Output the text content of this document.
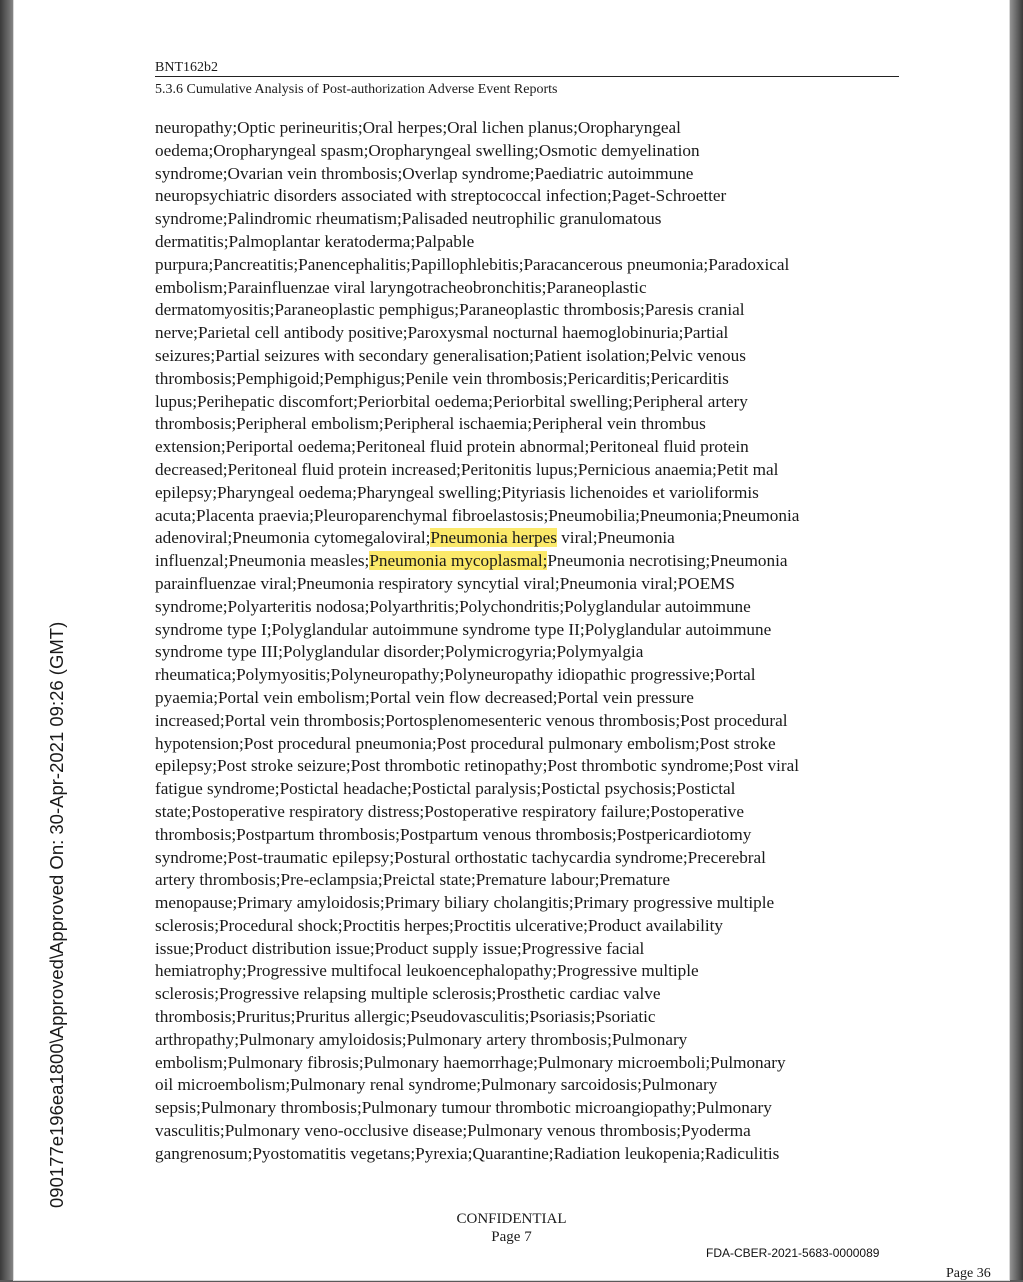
090177e196ea1800\Approved\Approved On: 30-Apr-2021 09:26 (GMT)
BNT162b2
5.3.6 Cumulative Analysis of Post-authorization Adverse Event Reports
neuropathy;Optic perineuritis;Oral herpes;Oral lichen planus;Oropharyngeal
oedema;Oropharyngeal spasm;Oropharyngeal swelling;Osmotic demyelination
syndrome;Ovarian vein thrombosis;Overlap syndrome;Paediatric autoimmune
neuropsychiatric disorders associated with streptococcal infection;Paget-Schroetter
syndrome;Palindromic rheumatism;Palisaded neutrophilic granulomatous
dermatitis;Palmoplantar keratoderma;Palpable
purpura;Pancreatitis;Panencephalitis;Papillophlebitis;Paracancerous pneumonia;Paradoxical
embolism;Parainfluenzae viral laryngotracheobronchitis;Paraneoplastic
dermatomyositis;Paraneoplastic pemphigus;Paraneoplastic thrombosis;Paresis cranial
nerve;Parietal cell antibody positive;Paroxysmal nocturnal haemoglobinuria;Partial
seizures;Partial seizures with secondary generalisation;Patient isolation;Pelvic venous
thrombosis;Pemphigoid;Pemphigus;Penile vein thrombosis;Pericarditis;Pericarditis
lupus;Perihepatic discomfort;Periorbital oedema;Periorbital swelling;Peripheral artery
thrombosis;Peripheral embolism;Peripheral ischaemia;Peripheral vein thrombus
extension;Periportal oedema;Peritoneal fluid protein abnormal;Peritoneal fluid protein
decreased;Peritoneal fluid protein increased;Peritonitis lupus;Pernicious anaemia;Petit mal
epilepsy;Pharyngeal oedema;Pharyngeal swelling;Pityriasis lichenoides et varioliformis
acuta;Placenta praevia;Pleuroparenchymal fibroelastosis;Pneumobilia;Pneumonia;Pneumonia
adenoviral;Pneumonia cytomegaloviral;Pneumonia herpes viral;Pneumonia
influenzal;Pneumonia measles;Pneumonia mycoplasmal;Pneumonia necrotising;Pneumonia
parainfluenzae viral;Pneumonia respiratory syncytial viral;Pneumonia viral;POEMS
syndrome;Polyarteritis nodosa;Polyarthritis;Polychondritis;Polyglandular autoimmune
syndrome type I;Polyglandular autoimmune syndrome type II;Polyglandular autoimmune
syndrome type III;Polyglandular disorder;Polymicrogyria;Polymyalgia
rheumatica;Polymyositis;Polyneuropathy;Polyneuropathy idiopathic progressive;Portal
pyaemia;Portal vein embolism;Portal vein flow decreased;Portal vein pressure
increased;Portal vein thrombosis;Portosplenomesenteric venous thrombosis;Post procedural
hypotension;Post procedural pneumonia;Post procedural pulmonary embolism;Post stroke
epilepsy;Post stroke seizure;Post thrombotic retinopathy;Post thrombotic syndrome;Post viral
fatigue syndrome;Postictal headache;Postictal paralysis;Postictal psychosis;Postictal
state;Postoperative respiratory distress;Postoperative respiratory failure;Postoperative
thrombosis;Postpartum thrombosis;Postpartum venous thrombosis;Postpericardiotomy
syndrome;Post-traumatic epilepsy;Postural orthostatic tachycardia syndrome;Precerebral
artery thrombosis;Pre-eclampsia;Preictal state;Premature labour;Premature
menopause;Primary amyloidosis;Primary biliary cholangitis;Primary progressive multiple
sclerosis;Procedural shock;Proctitis herpes;Proctitis ulcerative;Product availability
issue;Product distribution issue;Product supply issue;Progressive facial
hemiatrophy;Progressive multifocal leukoencephalopathy;Progressive multiple
sclerosis;Progressive relapsing multiple sclerosis;Prosthetic cardiac valve
thrombosis;Pruritus;Pruritus allergic;Pseudovasculitis;Psoriasis;Psoriatic
arthropathy;Pulmonary amyloidosis;Pulmonary artery thrombosis;Pulmonary
embolism;Pulmonary fibrosis;Pulmonary haemorrhage;Pulmonary microemboli;Pulmonary
oil microembolism;Pulmonary renal syndrome;Pulmonary sarcoidosis;Pulmonary
sepsis;Pulmonary thrombosis;Pulmonary tumour thrombotic microangiopathy;Pulmonary
vasculitis;Pulmonary veno-occlusive disease;Pulmonary venous thrombosis;Pyoderma
gangrenosum;Pyostomatitis vegetans;Pyrexia;Quarantine;Radiation leukopenia;Radiculitis
CONFIDENTIAL
Page 7
FDA-CBER-2021-5683-0000089
Page 36
